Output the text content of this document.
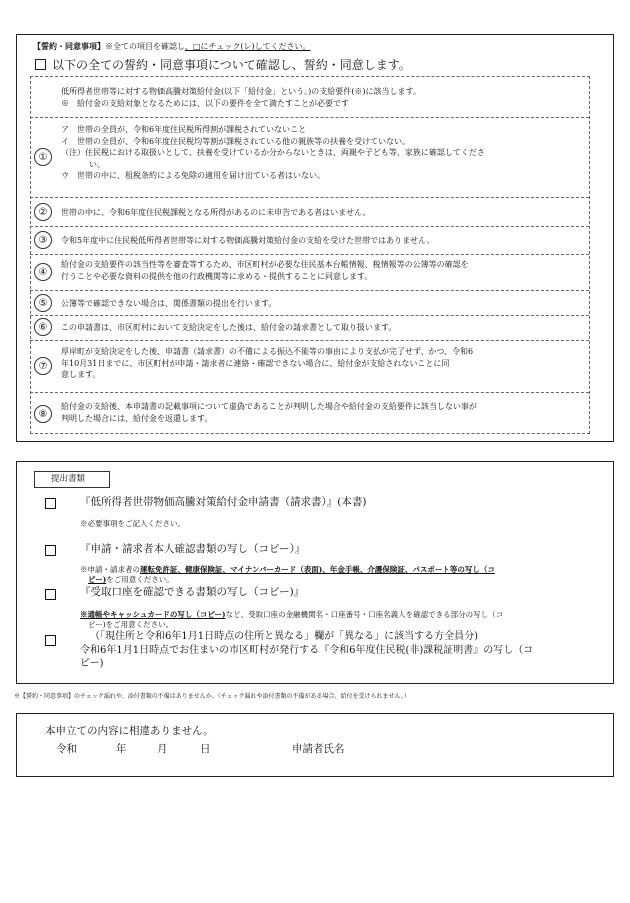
【誓約・同意事項】※全ての項目を確認し、□にチェック(レ)してください。
以下の全ての誓約・同意事項について確認し、誓約・同意します。
低所得者世帯等に対する物価高騰対策給付金(以下「給付金」という。)の支給要件(※)に該当します。
※　給付金の支給対象となるためには、以下の要件を全て満たすことが必要です
①
ア　世帯の全員が、令和6年度住民税所得割が課税されていないこと
イ　世帯の全員が、令和6年度住民税均等割が課税されている他の親族等の扶養を受けていない。
（注）住民税における取扱いとして、扶養を受けているか分からないときは、両親や子ども等、家族に確認してくださ
い。
ウ　世帯の中に、租税条約による免除の適用を届け出ている者はいない。
②	世帯の中に、令和6年度住民税課税となる所得があるのに未申告である者はいません。
③	令和5年度中に住民税低所得者世帯等に対する物価高騰対策給付金の支給を受けた世帯ではありません。
④
給付金の支給要件の該当性等を審査等するため、市区町村が必要な住民基本台帳情報、税情報等の公簿等の確認を
行うことや必要な資料の提供を他の行政機関等に求める・提供することに同意します。
⑤	公簿等で確認できない場合は、関係書類の提出を行います。
⑥	この申請書は、市区町村において支給決定をした後は、給付金の請求書として取り扱います。
⑦
厚岸町が支給決定をした後、申請書（請求書）の不備による振込不能等の事由により支払が完了せず、かつ、令和6
年10月31日までに、市区町村が申請・請求者に連絡・確認できない場合に、給付金が支給されないことに同
意します。
⑧
給付金の支給後、本申請書の記載事項について虚偽であることが判明した場合や給付金の支給要件に該当しない事が
判明した場合には、給付金を返還します。
提出書類
『低所得者世帯物価高騰対策給付金申請書（請求書）』(本書)
※必要事項をご記入ください。
『申請・請求者本人確認書類の写し（コピー）』
※申請・請求者の運転免許証、健康保険証、マイナンバーカード（表面)、年金手帳、介護保険証、パスポート等の写し（コ
ピー)をご用意ください。
『受取口座を確認できる書類の写し（コピー)』
※通帳やキャッシュカードの写し（コピー)など、受取口座の金融機関名・口座番号・口座名義人を確認できる部分の写し（コ
ピー)をご用意ください。
（「現住所と令和6年1月1日時点の住所と異なる」欄が「異なる」に該当する方全員分)
令和6年1月1日時点でお住まいの市区町村が発行する『令和6年度住民税(非)課税証明書』の写し（コ
ピー)
※【誓約・同意事項】のチェック漏れや、添付書類の不備はありませんか。（チェック漏れや添付書類の不備がある場合、給付を受けられません。）
本申立ての内容に相違ありません。
令和	年	月	日	申請者氏名
